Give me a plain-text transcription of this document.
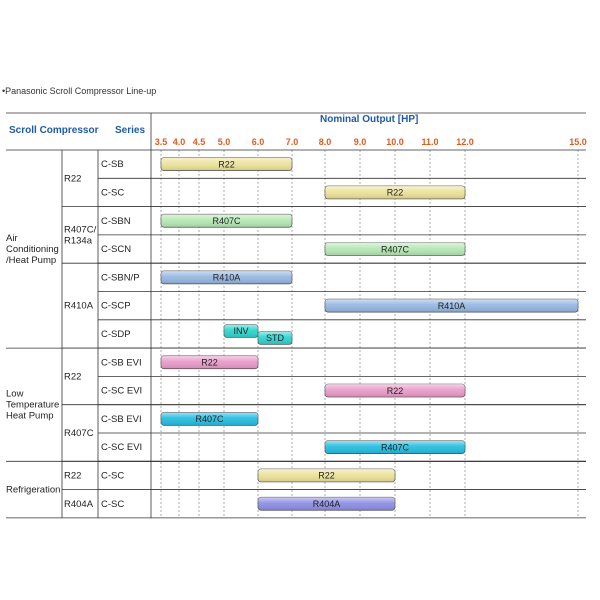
•Panasonic Scroll Compressor Line-up
3.5 4.0 4.5 5.0 6.0 7.0 8.0 9.0 10.0 11.0 12.0	15.0
Air Conditioning /Heat Pump
Low Temperature Heat Pump
Refrigeration
R22
R407C/ R134a
R410A
R22
R407C
R22
R404A
C-SB
C-SC
C-SBN
C-SCN
C-SBN/P
C-SCP
C-SDP
C-SB EVI
C-SC EVI
C-SB EVI
C-SC EVI
C-SC
C-SC
R22
R22
R407C
R407C
R410A
R410A
INV
STD
R22
R22
R407C
R407C
R22
R404A
Scroll Compressor Series
Nominal Output [HP]
